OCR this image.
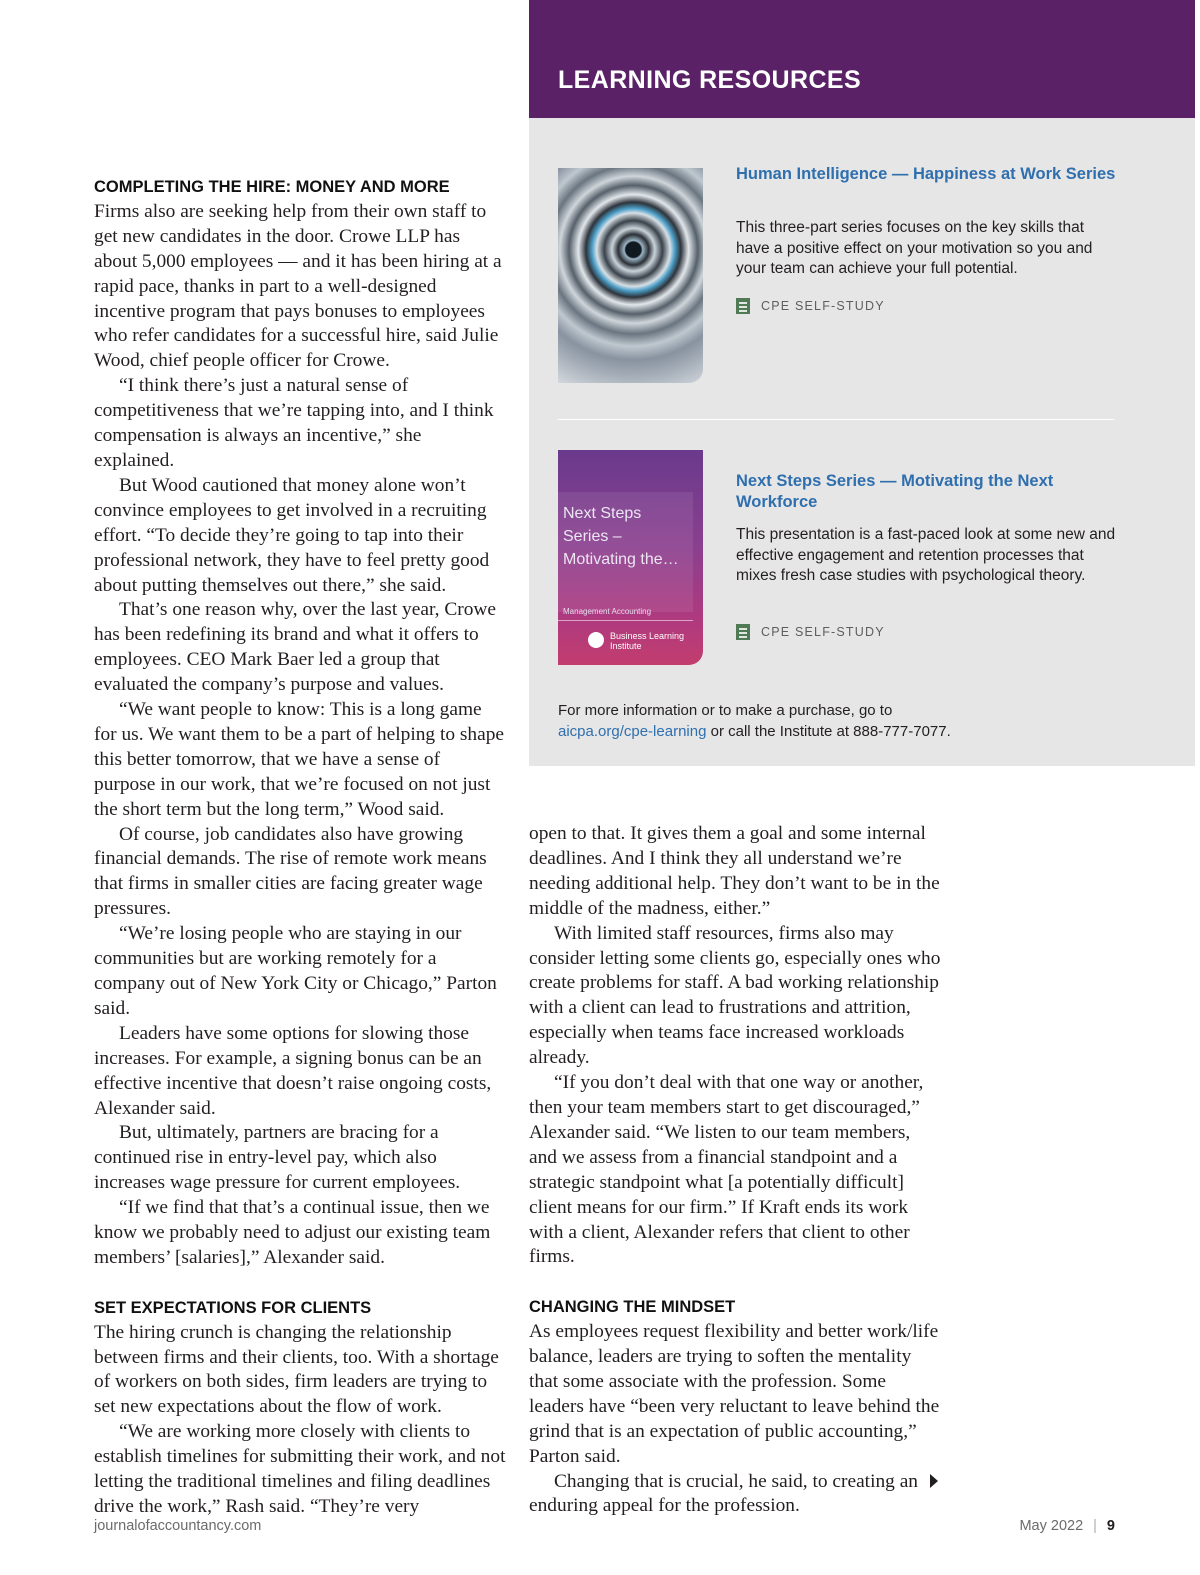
LEARNING RESOURCES
Human Intelligence — Happiness at Work Series
This three-part series focuses on the key skills that have a positive effect on your motivation so you and your team can achieve your full potential.
CPE SELF-STUDY
Next Steps Series – Motivating the…
Management Accounting
Business Learning Institute
Next Steps Series — Motivating the Next Workforce
This presentation is a fast-paced look at some new and effective engagement and retention processes that mixes fresh case studies with psychological theory.
CPE SELF-STUDY
For more information or to make a purchase, go to
aicpa.org/cpe-learning or call the Institute at 888-777-7077.
COMPLETING THE HIRE: MONEY AND MORE

Firms also are seeking help from their own staff to get new candidates in the door. Crowe LLP has about 5,000 employees — and it has been hiring at a rapid pace, thanks in part to a well-designed incentive program that pays bonuses to employees who refer candidates for a successful hire, said Julie Wood, chief people officer for Crowe.

“I think there’s just a natural sense of competitiveness that we’re tapping into, and I think compensation is always an incentive,” she explained.

But Wood cautioned that money alone won’t convince employees to get involved in a recruiting effort. “To decide they’re going to tap into their professional network, they have to feel pretty good about putting themselves out there,” she said.

That’s one reason why, over the last year, Crowe has been redefining its brand and what it offers to employees. CEO Mark Baer led a group that evaluated the company’s purpose and values.

“We want people to know: This is a long game for us. We want them to be a part of helping to shape this better tomorrow, that we have a sense of purpose in our work, that we’re focused on not just the short term but the long term,” Wood said.

Of course, job candidates also have growing financial demands. The rise of remote work means that firms in smaller cities are facing greater wage pressures.

“We’re losing people who are staying in our communities but are working remotely for a company out of New York City or Chicago,” Parton said.

Leaders have some options for slowing those increases. For example, a signing bonus can be an effective incentive that doesn’t raise ongoing costs, Alexander said.

But, ultimately, partners are bracing for a continued rise in entry-level pay, which also increases wage pressure for current employees.

“If we find that that’s a continual issue, then we know we probably need to adjust our existing team members’ [salaries],” Alexander said.

SET EXPECTATIONS FOR CLIENTS

The hiring crunch is changing the relationship between firms and their clients, too. With a shortage of workers on both sides, firm leaders are trying to set new expectations about the flow of work.

“We are working more closely with clients to establish timelines for submitting their work, and not letting the traditional timelines and filing deadlines drive the work,” Rash said. “They’re very

open to that. It gives them a goal and some internal deadlines. And I think they all understand we’re needing additional help. They don’t want to be in the middle of the madness, either.”

With limited staff resources, firms also may consider letting some clients go, especially ones who create problems for staff. A bad working relationship with a client can lead to frustrations and attrition, especially when teams face increased workloads already.

“If you don’t deal with that one way or another, then your team members start to get discouraged,” Alexander said. “We listen to our team members, and we assess from a financial standpoint and a strategic standpoint what [a potentially difficult] client means for our firm.” If Kraft ends its work with a client, Alexander refers that client to other firms.

CHANGING THE MINDSET

As employees request flexibility and better work/life balance, leaders are trying to soften the mentality that some associate with the profession. Some leaders have “been very reluctant to leave behind the grind that is an expectation of public accounting,” Parton said.

Changing that is crucial, he said, to creating an enduring appeal for the profession.

journalofaccountancy.com	May 2022 | 9
